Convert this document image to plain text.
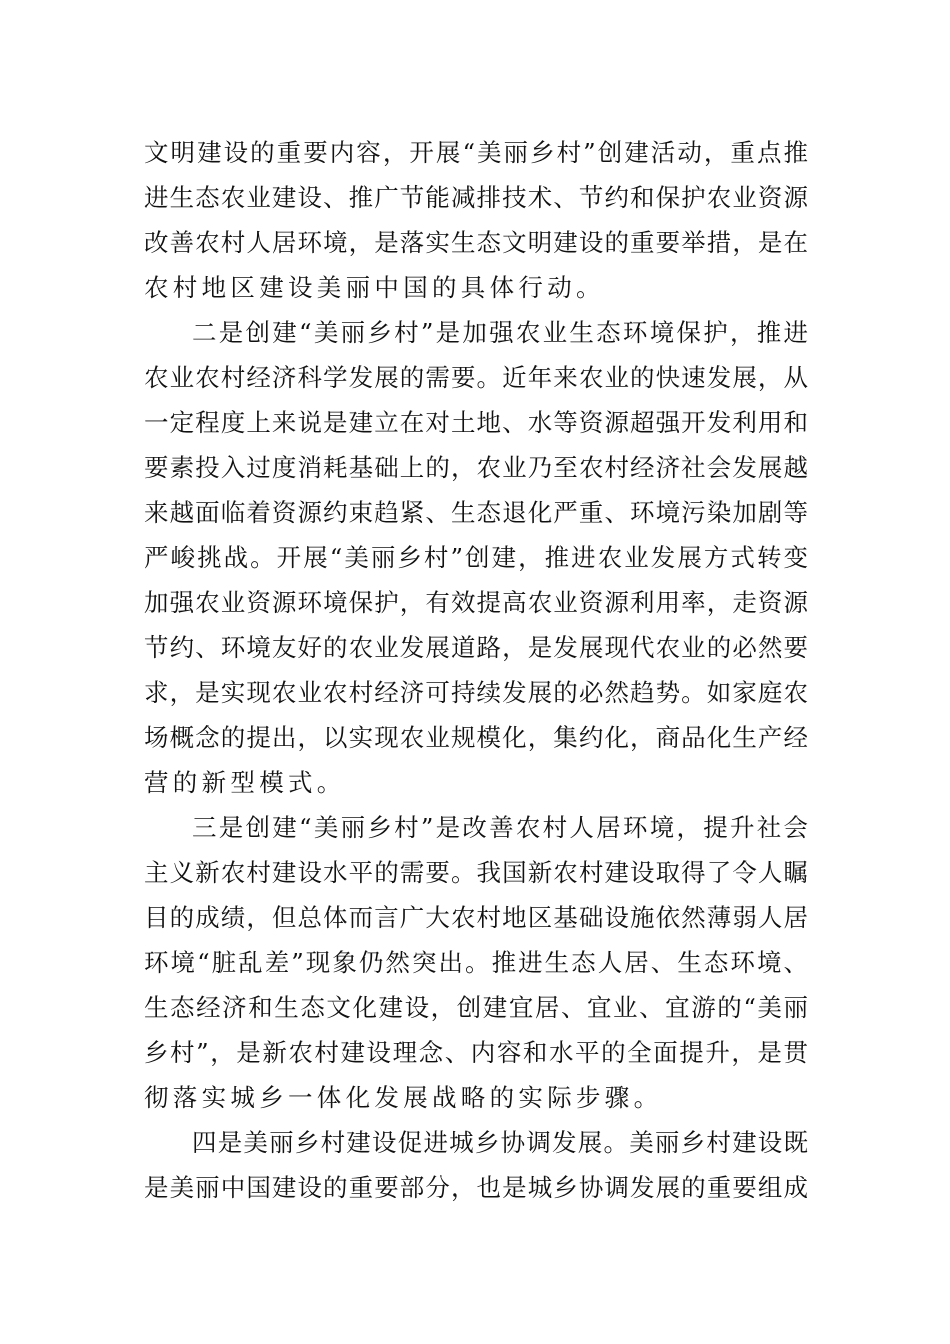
文明建设的重要内容，开展“美丽乡村”创建活动，重点推
进生态农业建设、推广节能减排技术、节约和保护农业资源
改善农村人居环境，是落实生态文明建设的重要举措，是在
农村地区建设美丽中国的具体行动。
二是创建“美丽乡村”是加强农业生态环境保护，推进
农业农村经济科学发展的需要。近年来农业的快速发展，从
一定程度上来说是建立在对土地、水等资源超强开发利用和
要素投入过度消耗基础上的，农业乃至农村经济社会发展越
来越面临着资源约束趋紧、生态退化严重、环境污染加剧等
严峻挑战。开展“美丽乡村”创建，推进农业发展方式转变
加强农业资源环境保护，有效提高农业资源利用率，走资源
节约、环境友好的农业发展道路，是发展现代农业的必然要
求，是实现农业农村经济可持续发展的必然趋势。如家庭农
场概念的提出，以实现农业规模化，集约化，商品化生产经
营的新型模式。
三是创建“美丽乡村”是改善农村人居环境，提升社会
主义新农村建设水平的需要。我国新农村建设取得了令人瞩
目的成绩，但总体而言广大农村地区基础设施依然薄弱人居
环境“脏乱差”现象仍然突出。推进生态人居、生态环境、
生态经济和生态文化建设，创建宜居、宜业、宜游的“美丽
乡村”，是新农村建设理念、内容和水平的全面提升，是贯
彻落实城乡一体化发展战略的实际步骤。
四是美丽乡村建设促进城乡协调发展。美丽乡村建设既
是美丽中国建设的重要部分，也是城乡协调发展的重要组成
